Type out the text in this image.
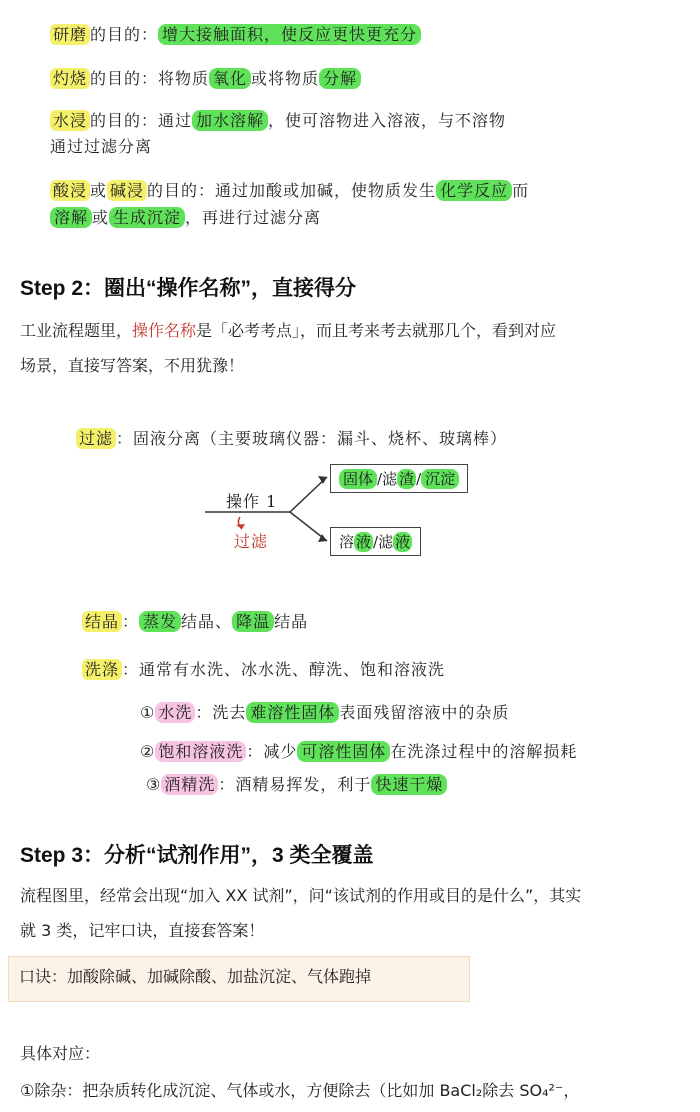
研磨 的目的： 增大接触面积，使反应更快更充分
灼烧 的目的：将物质 氧化 或将物质 分解
水浸 的目的：通过 加水溶解 ，使可溶物进入溶液，与不溶物
通过过滤分离
酸浸 或 碱浸 的目的：通过加酸或加碱，使物质发生 化学反应 而
溶解 或 生成沉淀 ，再进行过滤分离
Step 2：圈出“操作名称”，直接得分
工业流程题里，操作名称是「必考考点」，而且考来考去就那几个，看到对应
场景，直接写答案，不用犹豫！
过滤 ：固液分离（主要玻璃仪器：漏斗、烧杯、玻璃棒）
操作 1
过滤
固体 /滤 渣 / 沉淀
溶 液 /滤 液
结晶 ： 蒸发 结晶、 降温 结晶
洗涤 ：通常有水洗、冰水洗、醇洗、饱和溶液洗
① 水洗 ：洗去 难溶性固体 表面残留溶液中的杂质
② 饱和溶液洗 ：减少 可溶性固体 在洗涤过程中的溶解损耗
③ 酒精洗 ：酒精易挥发，利于 快速干燥
Step 3：分析“试剂作用”，3 类全覆盖
流程图里，经常会出现“加入 XX 试剂”，问“该试剂的作用或目的是什么”，其实
就 3 类，记牢口诀，直接套答案！
口诀：加酸除碱、加碱除酸、加盐沉淀、气体跑掉
具体对应：
①除杂：把杂质转化成沉淀、气体或水，方便除去（比如加 BaCl₂除去 SO₄²⁻，
